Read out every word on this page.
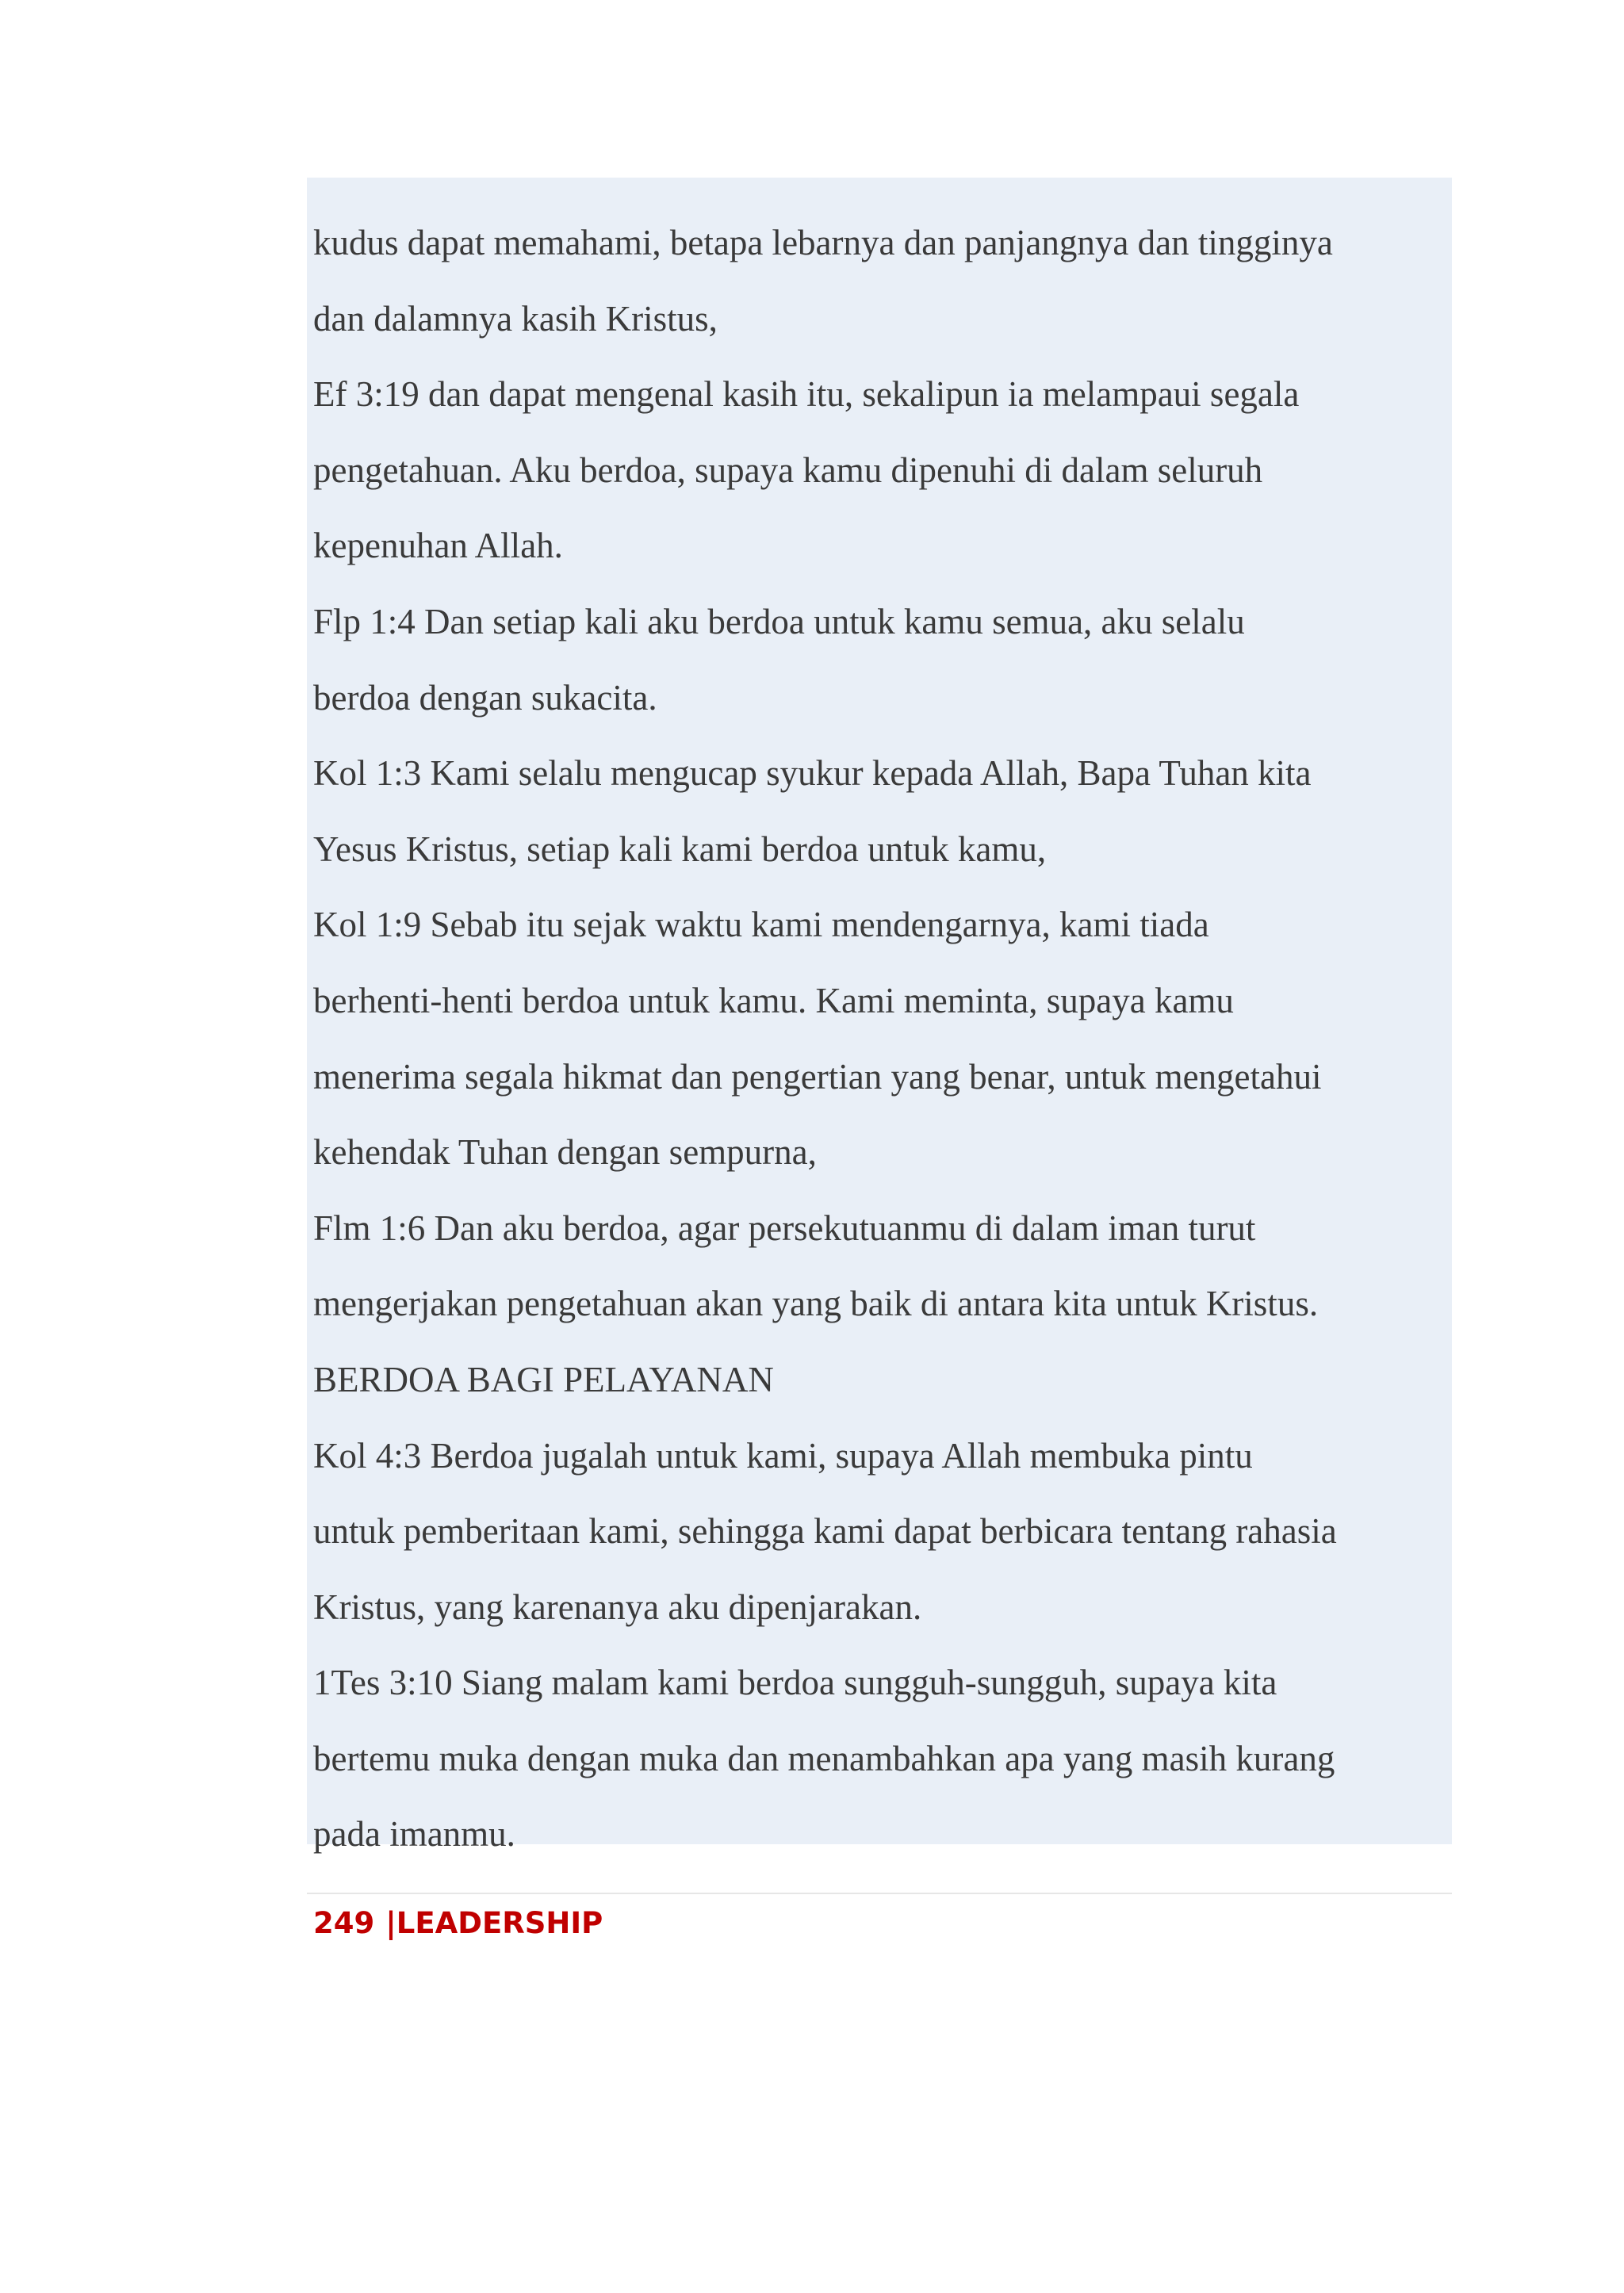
kudus dapat memahami, betapa lebarnya dan panjangnya dan tingginya

dan dalamnya kasih Kristus,

Ef 3:19 dan dapat mengenal kasih itu, sekalipun ia melampaui segala

pengetahuan. Aku berdoa, supaya kamu dipenuhi di dalam seluruh

kepenuhan Allah.

Flp 1:4 Dan setiap kali aku berdoa untuk kamu semua, aku selalu

berdoa dengan sukacita.

Kol 1:3 Kami selalu mengucap syukur kepada Allah, Bapa Tuhan kita

Yesus Kristus, setiap kali kami berdoa untuk kamu,

Kol 1:9 Sebab itu sejak waktu kami mendengarnya, kami tiada

berhenti-henti berdoa untuk kamu. Kami meminta, supaya kamu

menerima segala hikmat dan pengertian yang benar, untuk mengetahui

kehendak Tuhan dengan sempurna,

Flm 1:6 Dan aku berdoa, agar persekutuanmu di dalam iman turut

mengerjakan pengetahuan akan yang baik di antara kita untuk Kristus.

BERDOA BAGI PELAYANAN

Kol 4:3 Berdoa jugalah untuk kami, supaya Allah membuka pintu

untuk pemberitaan kami, sehingga kami dapat berbicara tentang rahasia

Kristus, yang karenanya aku dipenjarakan.

1Tes 3:10 Siang malam kami berdoa sungguh-sungguh, supaya kita

bertemu muka dengan muka dan menambahkan apa yang masih kurang

pada imanmu.

249 |LEADERSHIP
